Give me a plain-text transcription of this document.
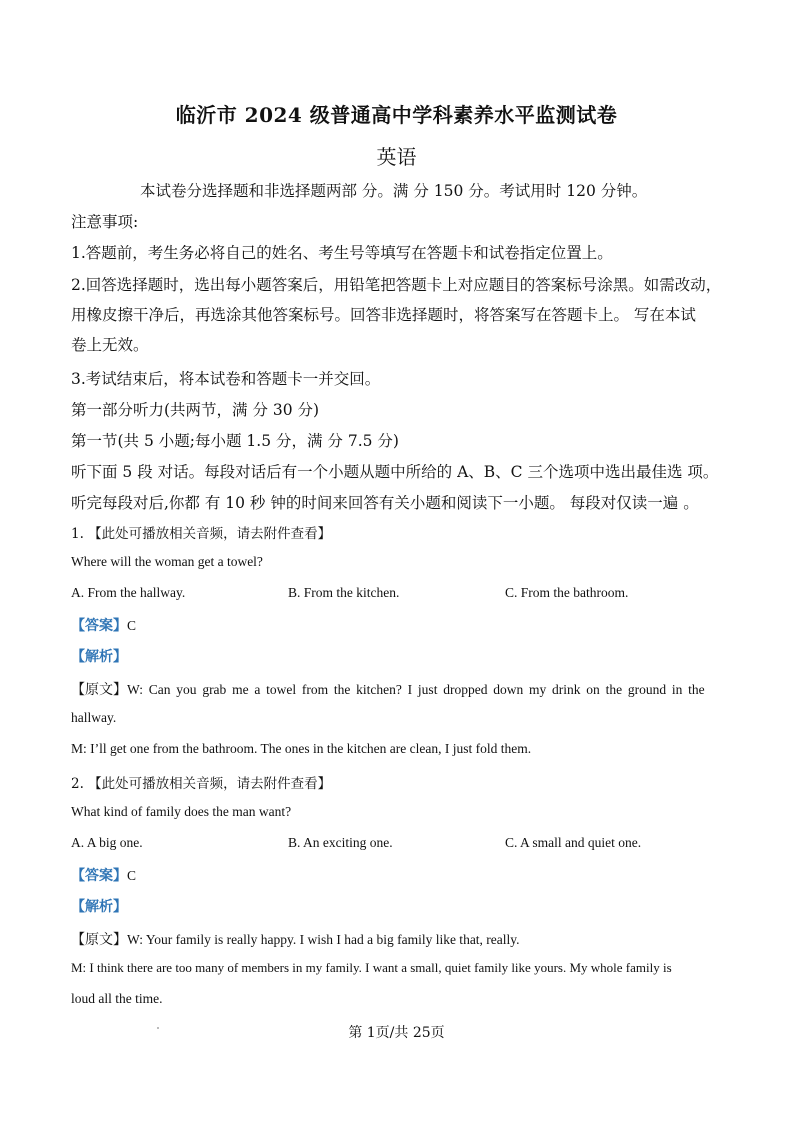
临沂市 2024 级普通高中学科素养水平监测试卷
英语
本试卷分选择题和非选择题两部 分。满 分 150 分。考试用时 120 分钟。
注意事项:
1.答题前，考生务必将自己的姓名、考生号等填写在答题卡和试卷指定位置上。
2.回答选择题时，选出每小题答案后，用铅笔把答题卡上对应题目的答案标号涂黑。如需改动，
用橡皮擦干净后，再选涂其他答案标号。回答非选择题时，将答案写在答题卡上。 写在本试
卷上无效。
3.考试结束后，将本试卷和答题卡一并交回。
第一部分听力(共两节，满 分 30 分)
第一节(共 5 小题;每小题 1.5 分，满 分 7.5 分)
听下面 5 段 对话。每段对话后有一个小题从题中所给的 A、B、C 三个选项中选出最佳选 项。
听完每段对后,你都 有 10 秒 钟的时间来回答有关小题和阅读下一小题。 每段对仅读一遍 。
1. 【此处可播放相关音频，请去附件查看】
Where will the woman get a towel?
A. From the hallway.	B. From the kitchen.	C. From the bathroom.
【答案】C
【解析】
【原文】W: Can you grab me a towel from the kitchen? I just dropped down my drink on the ground in the
hallway.
M: I’ll get one from the bathroom. The ones in the kitchen are clean, I just fold them.
2. 【此处可播放相关音频，请去附件查看】
What kind of family does the man want?
A. A big one.	B. An exciting one.	C. A small and quiet one.
【答案】C
【解析】
【原文】W: Your family is really happy. I wish I had a big family like that, really.
M: I think there are too many of members in my family. I want a small, quiet family like yours. My whole family is
loud all the time.
第 1页/共 25页
